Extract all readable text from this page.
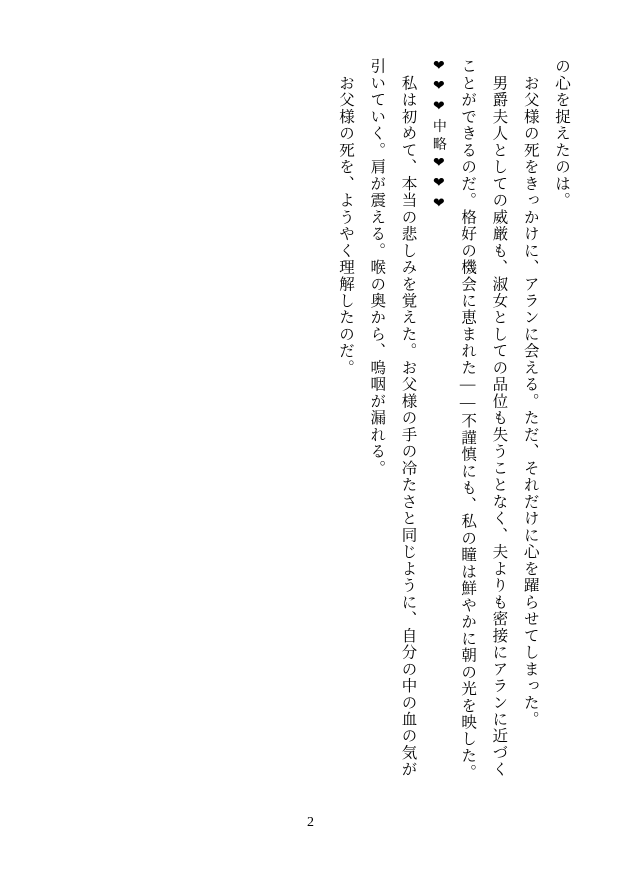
の心を捉えたのは。

　お父様の死をきっかけに、アランに会える。ただ、それだけに心を躍らせてしまった。

　男爵夫人としての威厳も、淑女としての品位も失うことなく、夫よりも密接にアランに近づくことができるのだ。格好の機会に恵まれた――不謹慎にも、私の瞳は鮮やかに朝の光を映した。

❤❤❤中略❤❤❤

　私は初めて、本当の悲しみを覚えた。お父様の手の冷たさと同じように、自分の中の血の気が引いていく。肩が震える。喉の奥から、嗚咽が漏れる。

　お父様の死を、ようやく理解したのだ。

2
